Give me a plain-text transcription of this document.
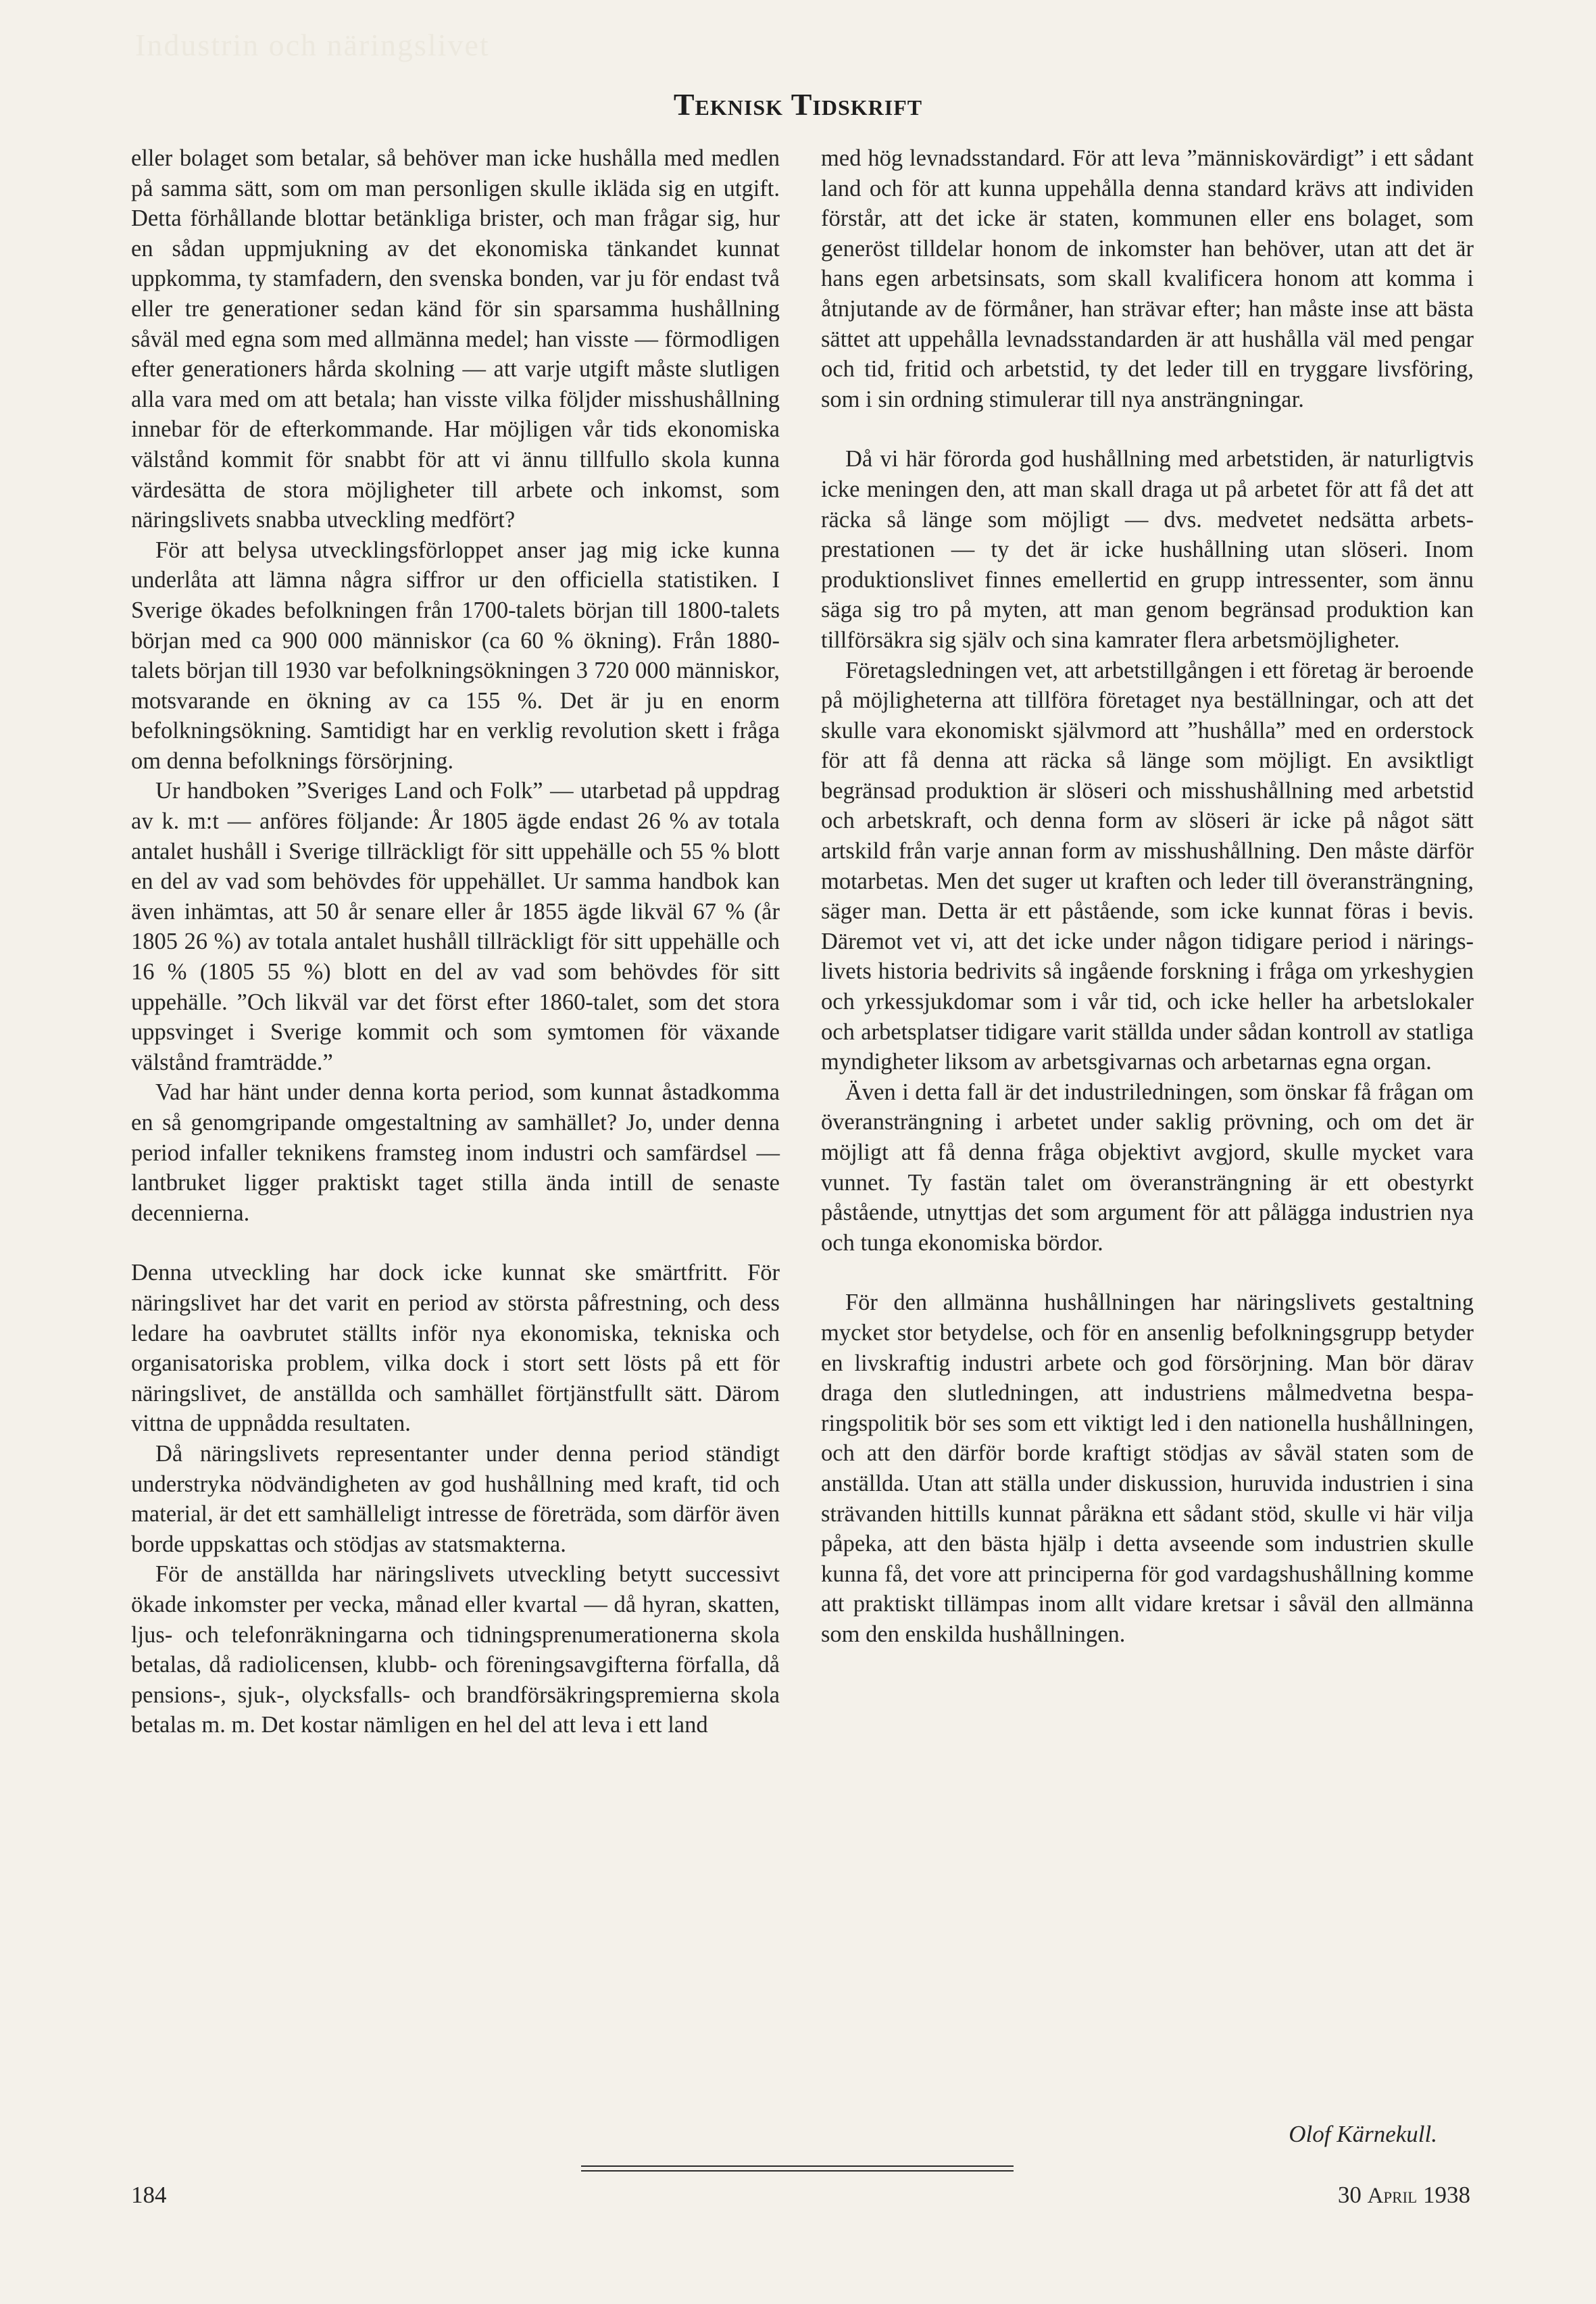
Industrin och näringslivet
Teknisk Tidskrift

eller bolaget som betalar, så behöver man icke hushålla med medlen på samma sätt, som om man personligen skulle ikläda sig en utgift. Detta förhållande blottar betänkliga brister, och man frågar sig, hur en sådan uppmjukning av det ekonomiska tänkandet kunnat uppkomma, ty stamfadern, den svenska bonden, var ju för endast två eller tre generationer sedan känd för sin sparsamma hushållning såväl med egna som med allmänna medel; han visste — förmodligen efter generationers hårda skolning — att varje utgift måste slutligen alla vara med om att betala; han visste vilka följder misshushållning innebar för de efterkommande. Har möjligen vår tids ekonomiska välstånd kommit för snabbt för att vi ännu tillfullo skola kunna värdesätta de stora möjligheter till arbete och inkomst, som näringslivets snabba utveckling medfört?

För att belysa utvecklingsförloppet anser jag mig icke kunna underlåta att lämna några siffror ur den officiella statistiken. I Sverige ökades befolkningen från 1700-talets början till 1800-talets början med ca 900 000 människor (ca 60 % ökning). Från 1880-talets början till 1930 var befolkningsökningen 3 720 000 människor, motsvarande en ökning av ca 155 %. Det är ju en enorm befolkningsökning. Samtidigt har en verklig revolution skett i fråga om denna befolknings försörjning.

Ur handboken ”Sveriges Land och Folk” — utarbetad på uppdrag av k. m:t — anföres följande: År 1805 ägde endast 26 % av totala antalet hushåll i Sverige tillräckligt för sitt uppehälle och 55 % blott en del av vad som behövdes för uppehället. Ur samma handbok kan även inhämtas, att 50 år senare eller år 1855 ägde likväl 67 % (år 1805 26 %) av totala antalet hushåll tillräckligt för sitt uppehälle och 16 % (1805 55 %) blott en del av vad som behövdes för sitt uppehälle. ”Och likväl var det först efter 1860-talet, som det stora uppsvinget i Sverige kommit och som symtomen för växande välstånd framträdde.”

Vad har hänt under denna korta period, som kunnat åstadkomma en så genomgripande omgestaltning av samhället? Jo, under denna period infaller teknikens framsteg inom industri och samfärdsel — lantbruket ligger praktiskt taget stilla ända intill de senaste decennierna.

Denna utveckling har dock icke kunnat ske smärtfritt. För näringslivet har det varit en period av största påfrestning, och dess ledare ha oavbrutet ställts inför nya ekonomiska, tekniska och organisatoriska problem, vilka dock i stort sett lösts på ett för näringslivet, de anställda och samhället förtjänstfullt sätt. Därom vittna de uppnådda resultaten.

Då näringslivets representanter under denna period ständigt understryka nödvändigheten av god hushållning med kraft, tid och material, är det ett samhälleligt intresse de företräda, som därför även borde uppskattas och stödjas av statsmakterna.

För de anställda har näringslivets utveckling betytt successivt ökade inkomster per vecka, månad eller kvartal — då hyran, skatten, ljus- och telefonräkningarna och tidningsprenumerationerna skola betalas, då radiolicensen, klubb- och föreningsavgifterna förfalla, då pensions-, sjuk-, olycksfalls- och brandförsäkringspremierna skola betalas m. m. Det kostar nämligen en hel del att leva i ett land

med hög levnadsstandard. För att leva ”människovärdigt” i ett sådant land och för att kunna uppehålla denna standard krävs att individen förstår, att det icke är staten, kommunen eller ens bolaget, som generöst tilldelar honom de inkomster han behöver, utan att det är hans egen arbetsinsats, som skall kvalificera honom att komma i åtnjutande av de förmåner, han strävar efter; han måste inse att bästa sättet att uppehålla levnadsstandarden är att hushålla väl med pengar och tid, fritid och arbetstid, ty det leder till en tryggare livsföring, som i sin ordning stimulerar till nya ansträngningar.

Då vi här förorda god hushållning med arbetstiden, är naturligtvis icke meningen den, att man skall draga ut på arbetet för att få det att räcka så länge som möjligt — dvs. medvetet nedsätta arbetsprestationen — ty det är icke hushållning utan slöseri. Inom produktionslivet finnes emellertid en grupp intressenter, som ännu säga sig tro på myten, att man genom begränsad produktion kan tillförsäkra sig själv och sina kamrater flera arbetsmöjligheter.

Företagsledningen vet, att arbetstillgången i ett företag är beroende på möjligheterna att tillföra företaget nya beställningar, och att det skulle vara ekonomiskt självmord att ”hushålla” med en orderstock för att få denna att räcka så länge som möjligt. En avsiktligt begränsad produktion är slöseri och misshushållning med arbetstid och arbetskraft, och denna form av slöseri är icke på något sätt artskild från varje annan form av misshushållning. Den måste därför motarbetas. Men det suger ut kraften och leder till överansträngning, säger man. Detta är ett påstående, som icke kunnat föras i bevis. Däremot vet vi, att det icke under någon tidigare period i näringslivets historia bedrivits så ingående forskning i fråga om yrkeshygien och yrkessjukdomar som i vår tid, och icke heller ha arbetslokaler och arbetsplatser tidigare varit ställda under sådan kontroll av statliga myndigheter liksom av arbetsgivarnas och arbetarnas egna organ.

Även i detta fall är det industriledningen, som önskar få frågan om överansträngning i arbetet under saklig prövning, och om det är möjligt att få denna fråga objektivt avgjord, skulle mycket vara vunnet. Ty fastän talet om överansträngning är ett obestyrkt påstående, utnyttjas det som argument för att pålägga industrien nya och tunga ekonomiska bördor.

För den allmänna hushållningen har näringslivets gestaltning mycket stor betydelse, och för en ansenlig befolkningsgrupp betyder en livskraftig industri arbete och god försörjning. Man bör därav draga den slutledningen, att industriens målmedvetna besparingspolitik bör ses som ett viktigt led i den nationella hushållningen, och att den därför borde kraftigt stödjas av såväl staten som de anställda. Utan att ställa under diskussion, huruvida industrien i sina strävanden hittills kunnat påräkna ett sådant stöd, skulle vi här vilja påpeka, att den bästa hjälp i detta avseende som industrien skulle kunna få, det vore att principerna för god vardagshushållning komme att praktiskt tillämpas inom allt vidare kretsar i såväl den allmänna som den enskilda hushållningen.

Olof Kärnekull.
184	30 April 1938
